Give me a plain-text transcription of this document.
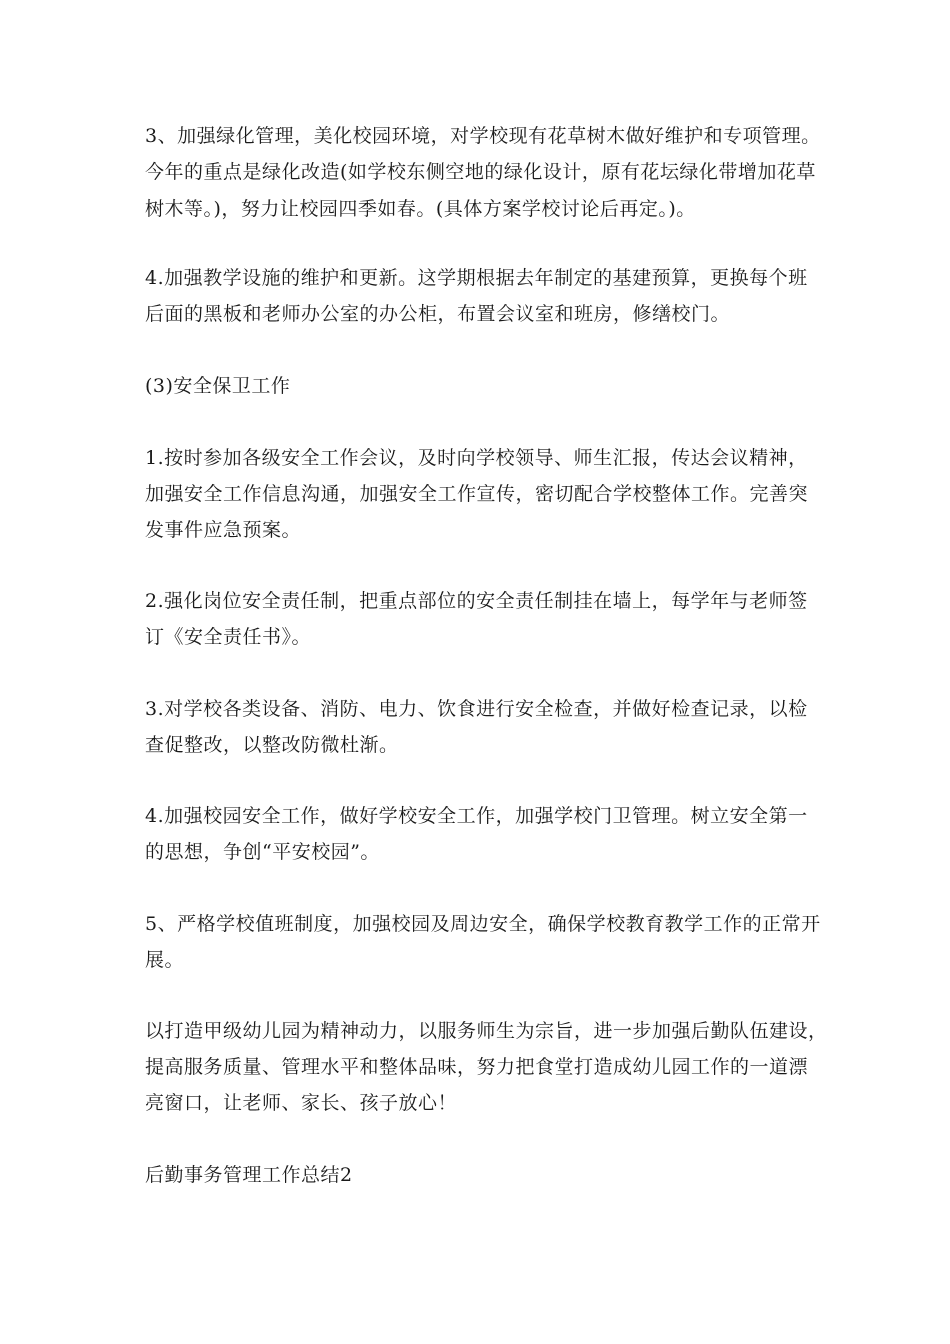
3、加强绿化管理，美化校园环境，对学校现有花草树木做好维护和专项管理。
今年的重点是绿化改造(如学校东侧空地的绿化设计，原有花坛绿化带增加花草
树木等。)，努力让校园四季如春。(具体方案学校讨论后再定。)。
4.加强教学设施的维护和更新。这学期根据去年制定的基建预算，更换每个班
后面的黑板和老师办公室的办公柜，布置会议室和班房，修缮校门。
(3)安全保卫工作
1.按时参加各级安全工作会议，及时向学校领导、师生汇报，传达会议精神，
加强安全工作信息沟通，加强安全工作宣传，密切配合学校整体工作。完善突
发事件应急预案。
2.强化岗位安全责任制，把重点部位的安全责任制挂在墙上，每学年与老师签
订《安全责任书》。
3.对学校各类设备、消防、电力、饮食进行安全检查，并做好检查记录，以检
查促整改，以整改防微杜渐。
4.加强校园安全工作，做好学校安全工作，加强学校门卫管理。树立安全第一
的思想，争创“平安校园”。
5、严格学校值班制度，加强校园及周边安全，确保学校教育教学工作的正常开
展。
以打造甲级幼儿园为精神动力，以服务师生为宗旨，进一步加强后勤队伍建设，
提高服务质量、管理水平和整体品味，努力把食堂打造成幼儿园工作的一道漂
亮窗口，让老师、家长、孩子放心！
后勤事务管理工作总结2
